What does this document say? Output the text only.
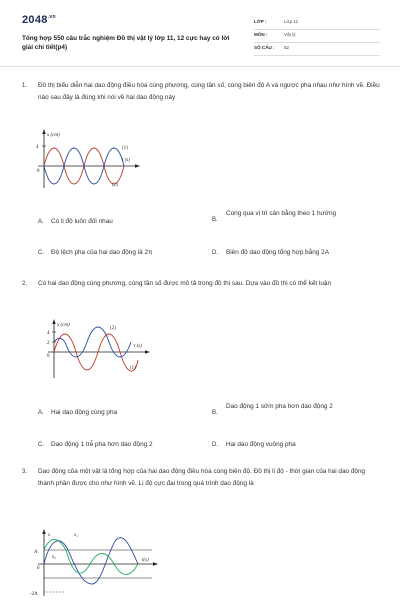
$2048^{.vn}$
Tổng hợp 550 câu trắc nghiệm Đồ thị vật lý lớp 11, 12 cực hay có lời giải chi tiết(p4)
LỚP :	Lớp 11
MÔN :	Vật lý
SỐ CÂU : 52
1. Đồ thị biểu diễn hai dao động điều hòa cùng phương, cùng tần số, cùng biên độ A và ngược pha nhau như hình vẽ. Điều nào sau đây là đúng khi nói về hai dao động này
x (cm)
t (s)
4
0
(1)
(2)
A. Có li độ luôn đối nhau	B.
Cùng qua vị trí cân bằng theo 1 hướng
C. Độ lệch pha của hai dao động là 2π	D. Biên độ dao động tổng hợp bằng 2A
2. Có hai dao động cùng phương, cùng tần số được mô tả trong đồ thị sau. Dựa vào đồ thị có thể kết luận
x (cm)
t (s)
4
2
0
(2)
(1)
A. Hai dao động cùng pha	B.
Dao động 1 sớm pha hơn dao động 2
C. Dao động 1 trễ pha hơn dao động 2	D. Hai dao động vuông pha
3. Dao động của một vật là tổng hợp của hai dao động điều hòa cùng biên độ. Đồ thị li độ - thời gian của hai dao động thành phần được cho như hình vẽ. Li độ cực đại trong quá trình dao động là
x	x₁
x₂
A
0
-2A
t(s)
